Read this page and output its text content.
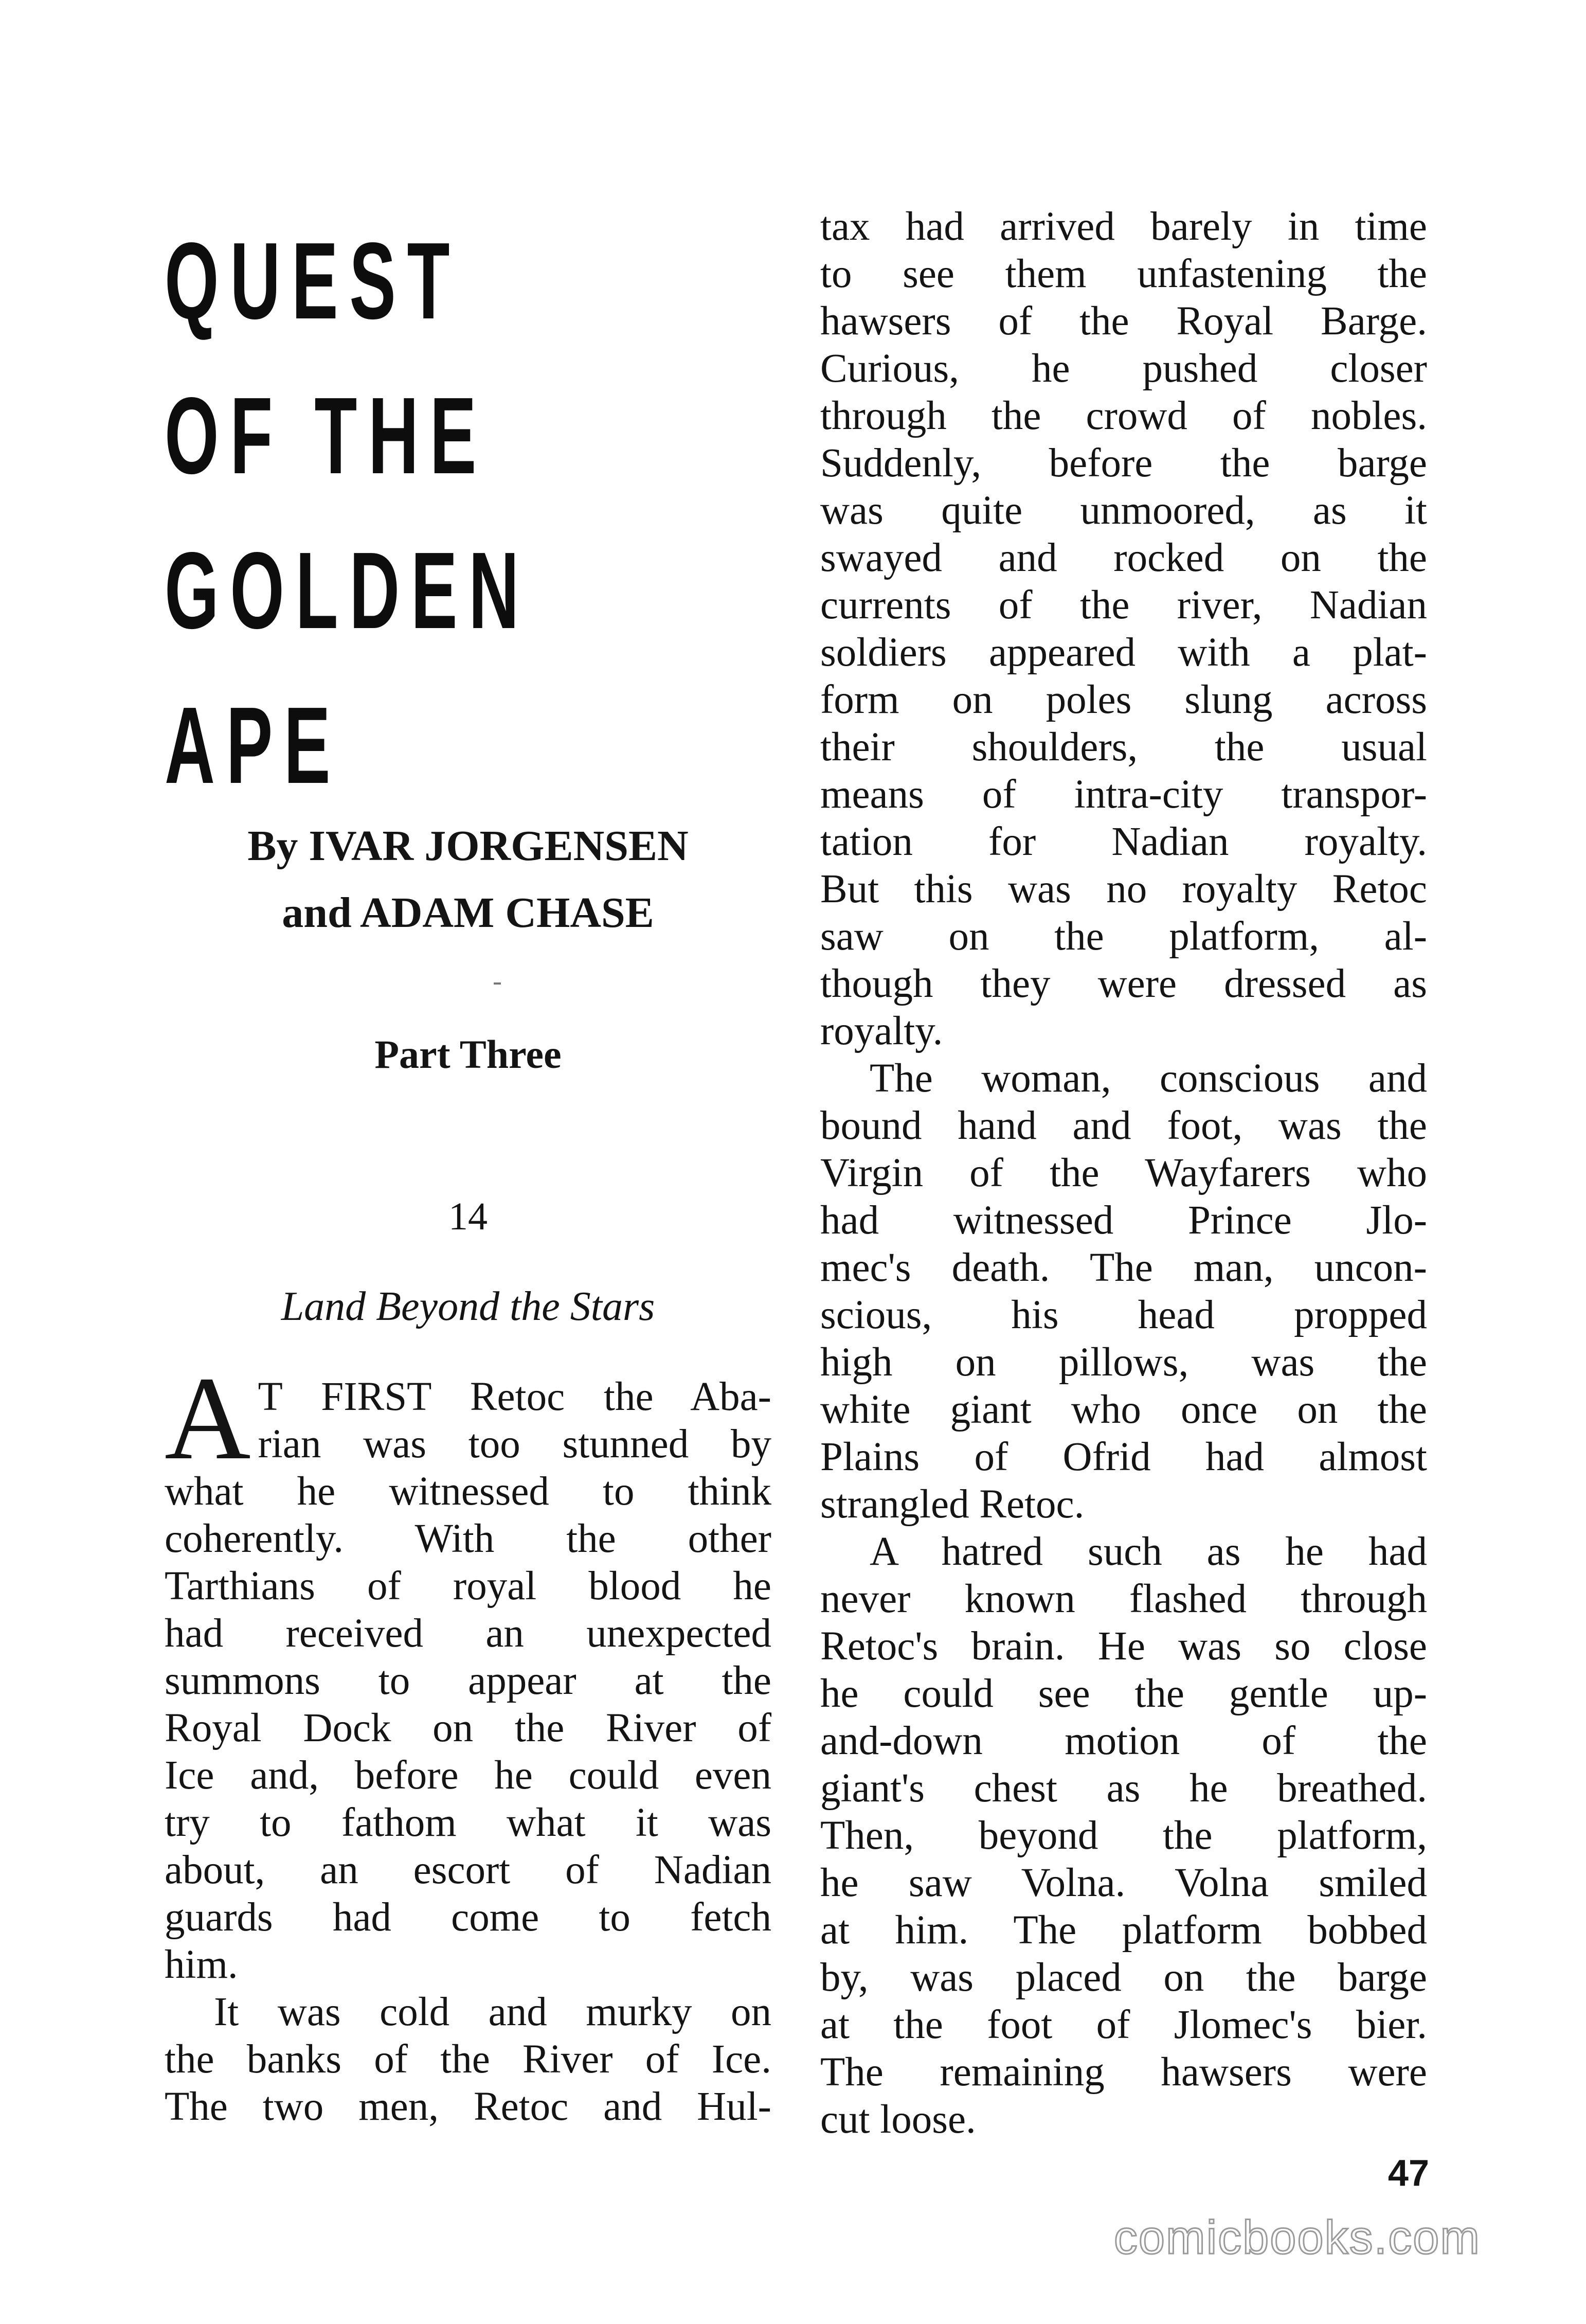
QUEST
OF THE
GOLDEN
APE
By IVAR JORGENSEN
and ADAM CHASE
Part Three
14
Land Beyond the Stars
A T FIRST Retoc the Aba-
rian was too stunned by
what he witnessed to think
coherently. With the other
Tarthians of royal blood he
had received an unexpected
summons to appear at the
Royal Dock on the River of
Ice and, before he could even
try to fathom what it was
about, an escort of Nadian
guards had come to fetch
him.
It was cold and murky on
the banks of the River of Ice.
The two men, Retoc and Hul-
tax had arrived barely in time
to see them unfastening the
hawsers of the Royal Barge.
Curious, he pushed closer
through the crowd of nobles.
Suddenly, before the barge
was quite unmoored, as it
swayed and rocked on the
currents of the river, Nadian
soldiers appeared with a plat-
form on poles slung across
their shoulders, the usual
means of intra-city transpor-
tation for Nadian royalty.
But this was no royalty Retoc
saw on the platform, al-
though they were dressed as
royalty.
The woman, conscious and
bound hand and foot, was the
Virgin of the Wayfarers who
had witnessed Prince Jlo-
mec's death. The man, uncon-
scious, his head propped
high on pillows, was the
white giant who once on the
Plains of Ofrid had almost
strangled Retoc.
A hatred such as he had
never known flashed through
Retoc's brain. He was so close
he could see the gentle up-
and-down motion of the
giant's chest as he breathed.
Then, beyond the platform,
he saw Volna. Volna smiled
at him. The platform bobbed
by, was placed on the barge
at the foot of Jlomec's bier.
The remaining hawsers were
cut loose.
47
comicbooks.com
